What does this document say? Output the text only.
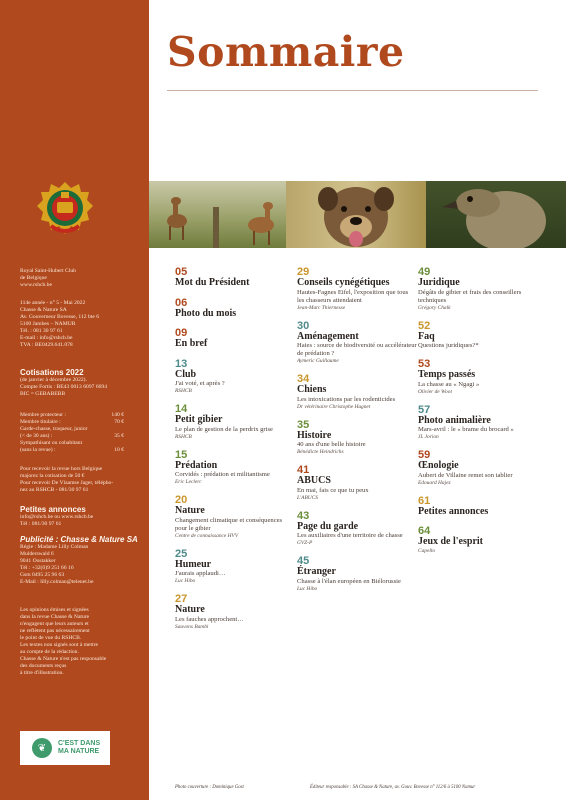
Royal Saint-Hubert Club
de Belgique
www.rshcb.be
114e année - n° 5 - Mai 2022
Chasse & Nature SA
Av. Gouverneur Bovesse, 112 bte 6
5100 Jambes – NAMUR
Tél. : 081 30 97 61
E-mail : info@rshcb.be
TVA : BE0429.641.078
Cotisations 2022
(de janvier à décembre 2022).
Compte Fortis : BE43 0013 6097 6694
BIC = GEBABEBB
Membre protecteur :	140 €
Membre titulaire :	70 €
Garde-chasse, traqueur, junior
(< de 30 ans) :	35 €
Sympathisant ou cohabitant
(sans la revue) :	10 €
Pour recevoir la revue hors Belgique
majorez la cotisation de 50 €
Pour recevoir De Vlaamse Jager, télépho-
nez au RSHCB - 081/30 97 61
Petites annonces
info@rshcb.be ou www.rshcb.be
Tél : 081/30 97 61
Publicité : Chasse & Nature SA
Régie : Madame Lilly Colman
Mulderswald 6
9041 Oostakker
Tél : +32(0)9 251 66 16
Gsm 0495 25 96 63
E-Mail : lilly.colman@telenet.be
Les opinions émises et signées
dans la revue Chasse & Nature
n'engagent que leurs auteurs et
ne reflètent pas nécessairement
le point de vue du RSHCB.
Les textes non signés sont à mettre
au compte de la rédaction.
Chasse & Nature n'est pas responsable
des documents reçus
à titre d'illustration.
❦	C'EST DANS
MA NATURE
Sommaire
05
Mot du Président
06
Photo du mois
09
En bref
13
Club
J'ai voté, et après ?
RSHCB
14
Petit gibier
Le plan de gestion de la perdrix grise
RSHCB
15
Prédation
Corvidés : prédation et militantisme
Eric Leclerc
20
Nature
Changement climatique et conséquences pour le gibier
Centre de connaissance HVV
25
Humeur
J'aurais applaudi…
Luc Hibo
27
Nature
Les fauches approchent…
Sauvons Bambi
29
Conseils cynégétiques
Hautes-Fagnes Eifel, l'exposition que tous les chasseurs attendaient
Jean-Marc Thiernesse
30
Aménagement
Haies : source de biodiversité ou accélérateur de prédation ?
Aymeric Guillaume
34
Chiens
Les intoxications par les rodenticides
Dr vétérinaire Christophe Hugnet
35
Histoire
40 ans d'une belle histoire
Bénédicte Heindrichs
41
ABUCS
En mai, fais ce que tu peux
L'ABUCS
43
Page du garde
Les auxiliaires d'une territoire de chasse
GVZ-P
45
Étranger
Chasse à l'élan européen en Biélorussie
Luc Hibo
49
Juridique
Dégâts de gibier et frais des conseillers techniques
Grégory Chalk
52
Faq
Questions juridiques?*
53
Temps passés
La chasse au « Ngagi »
Olivier de Woot
57
Photo animalière
Mars-avril : le « brame du brocard »
JL Jorion
59
Œnologie
Aubert de Villaine remet son tablier
Edouard Hajez
61
Petites annonces
64
Jeux de l'esprit
Capello
Photo couverture : Dominique Gost	Éditeur responsable : SA Chasse & Nature, av. Gouv. Bovesse n° 112/6 à 5100 Namur
